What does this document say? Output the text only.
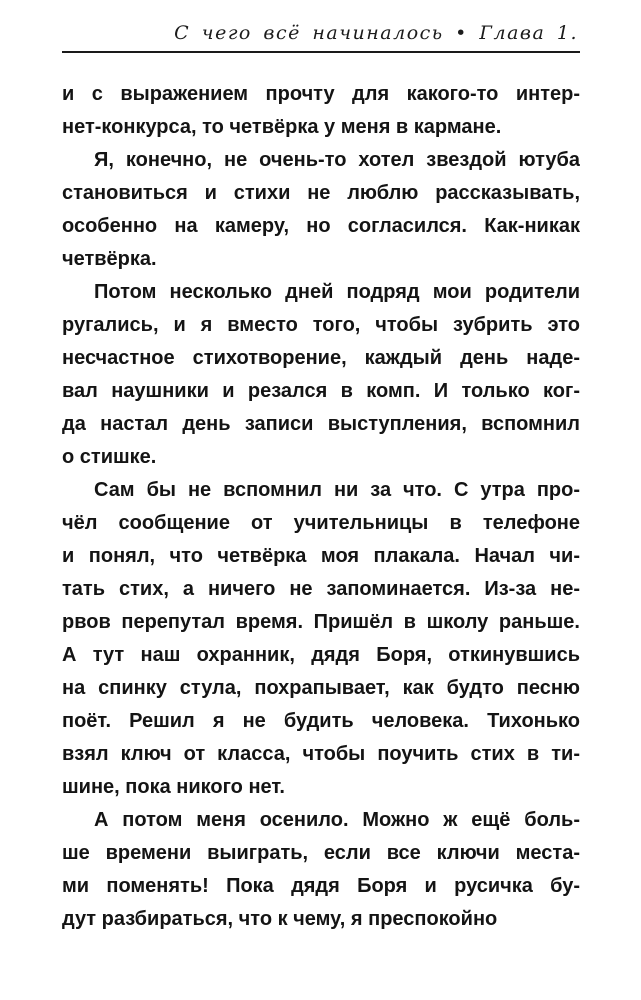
С чего всё начиналось • Глава 1.

и с выражением прочту для какого-то интер-
нет-конкурса, то четвёрка у меня в кармане.

Я, конечно, не очень-то хотел звездой ютуба
становиться и стихи не люблю рассказывать,
особенно на камеру, но согласился. Как-никак
четвёрка.

Потом несколько дней подряд мои родители
ругались, и я вместо того, чтобы зубрить это
несчастное стихотворение, каждый день наде-
вал наушники и резался в комп. И только ког-
да настал день записи выступления, вспомнил
о стишке.

Сам бы не вспомнил ни за что. С утра про-
чёл сообщение от учительницы в телефоне
и понял, что четвёрка моя плакала. Начал чи-
тать стих, а ничего не запоминается. Из-за не-
рвов перепутал время. Пришёл в школу раньше.
А тут наш охранник, дядя Боря, откинувшись
на спинку стула, похрапывает, как будто песню
поёт. Решил я не будить человека. Тихонько
взял ключ от класса, чтобы поучить стих в ти-
шине, пока никого нет.

А потом меня осенило. Можно ж ещё боль-
ше времени выиграть, если все ключи места-
ми поменять! Пока дядя Боря и русичка бу-
дут разбираться, что к чему, я преспокойно
